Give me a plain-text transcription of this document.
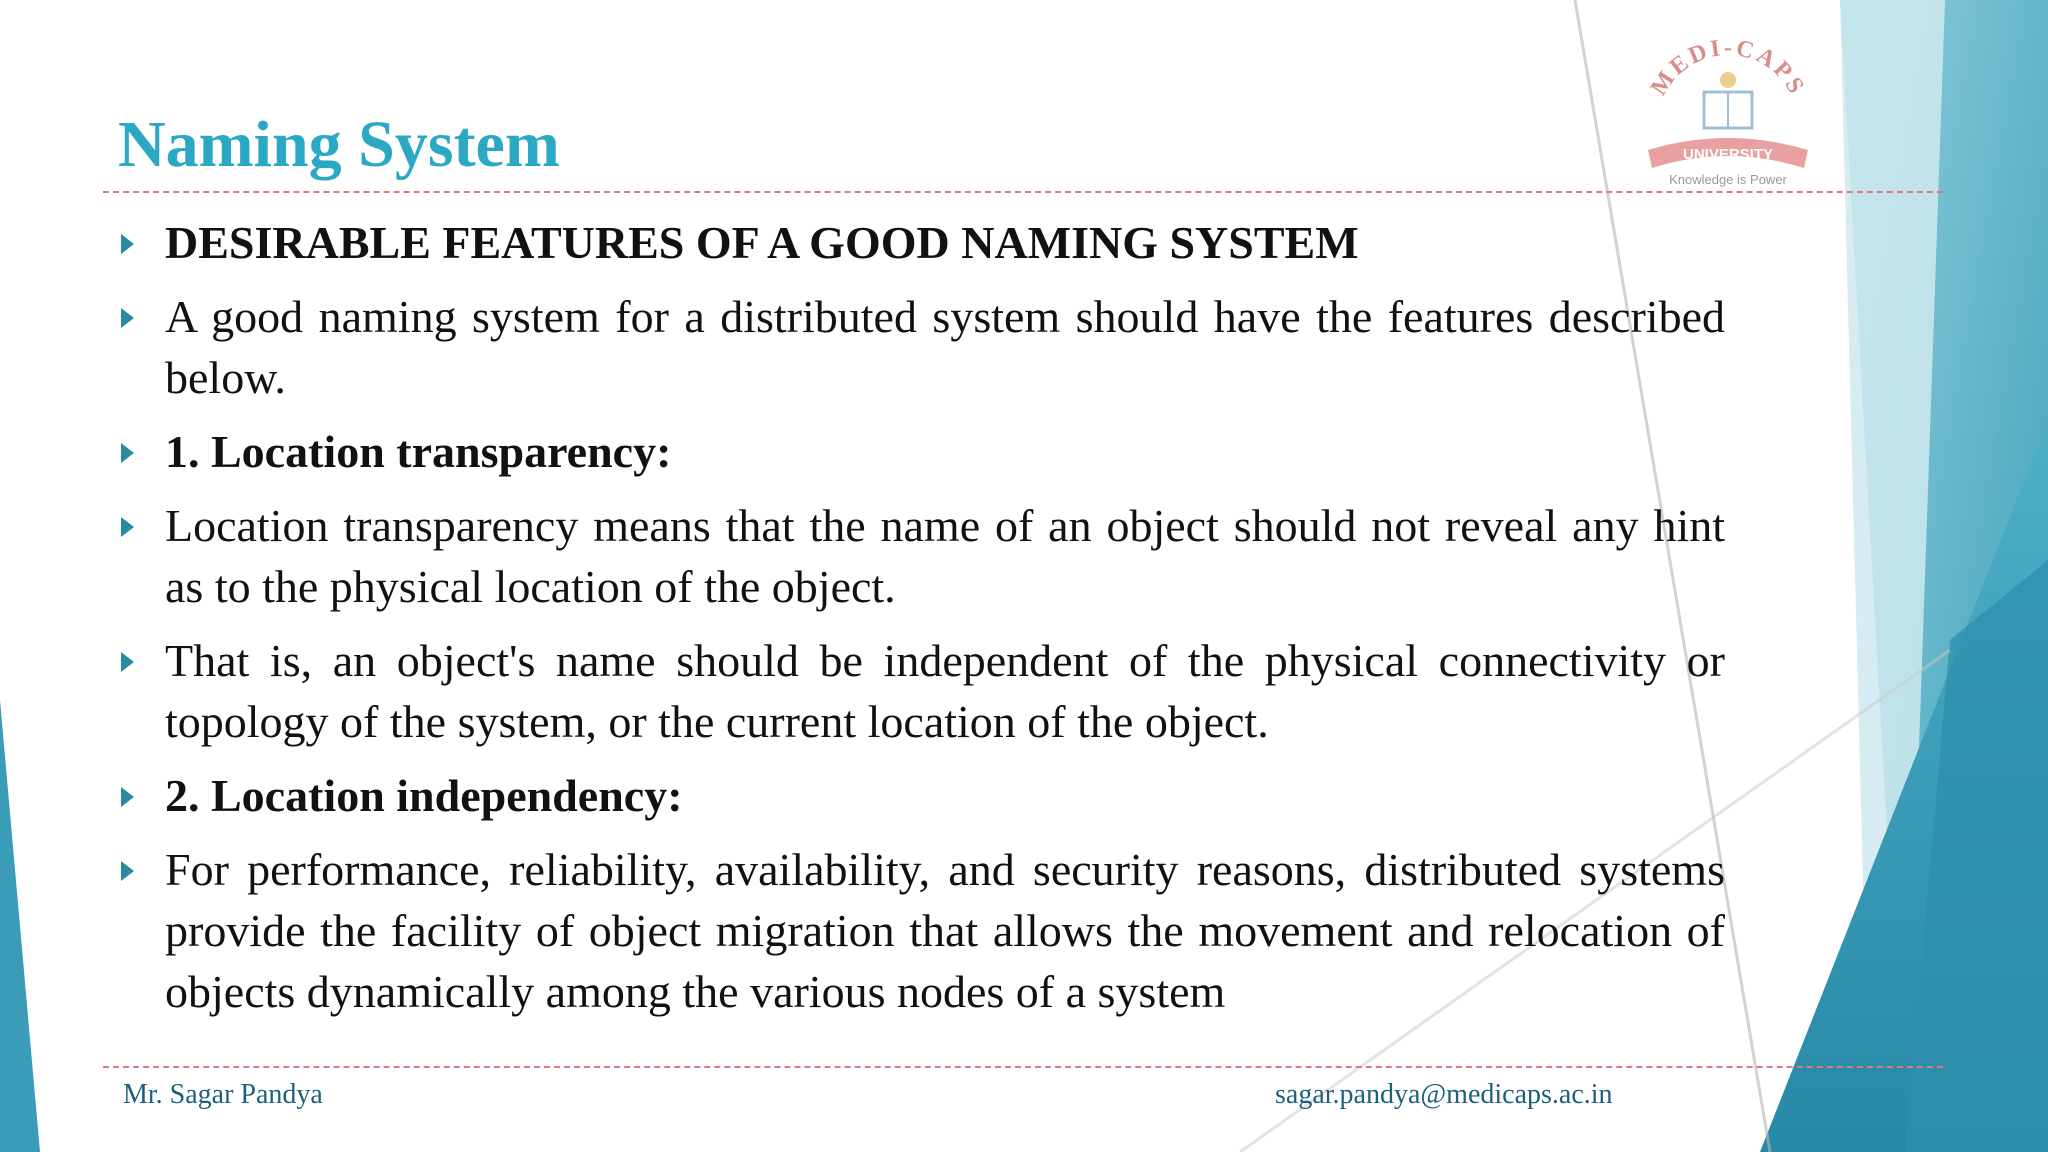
MEDI-CAPS
UNIVERSITY
Knowledge is Power
Naming System
DESIRABLE FEATURES OF A GOOD NAMING SYSTEM
A good naming system for a distributed system should have the features described below.
1. Location transparency:
Location transparency means that the name of an object should not reveal any hint as to the physical location of the object.
That is, an object's name should be independent of the physical connectivity or topology of the system, or the current location of the object.
2. Location independency:
For performance, reliability, availability, and security reasons, distributed systems provide the facility of object migration that allows the movement and relocation of objects dynamically among the various nodes of a system

Mr. Sagar Pandya	sagar.pandya@medicaps.ac.in
